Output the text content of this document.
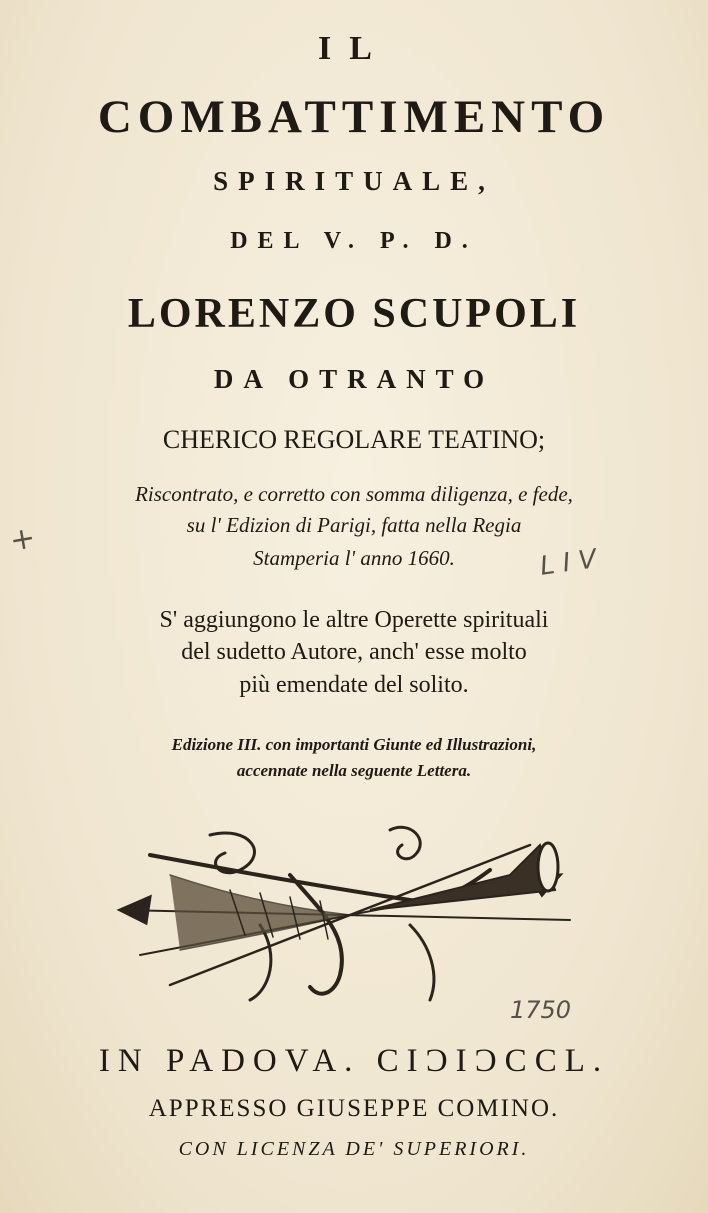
IL
COMBATTIMENTO
SPIRITUALE,
DEL V. P. D.
LORENZO SCUPOLI
DA OTRANTO
CHERICO REGOLARE TEATINO;
Riscontrato, e corretto con somma diligenza, e fede,
su l' Edizion di Parigi, fatta nella Regia
Stamperia l' anno 1660.
S' aggiungono le altre Operette spirituali
del sudetto Autore, anch' esse molto
più emendate del solito.
Edizione III. con importanti Giunte ed Illustrazioni,
accennate nella seguente Lettera.
IN PADOVA. CIƆIƆCCL.
APPRESSO GIUSEPPE COMINO.
CON LICENZA DE' SUPERIORI.
+
L I V
1750
